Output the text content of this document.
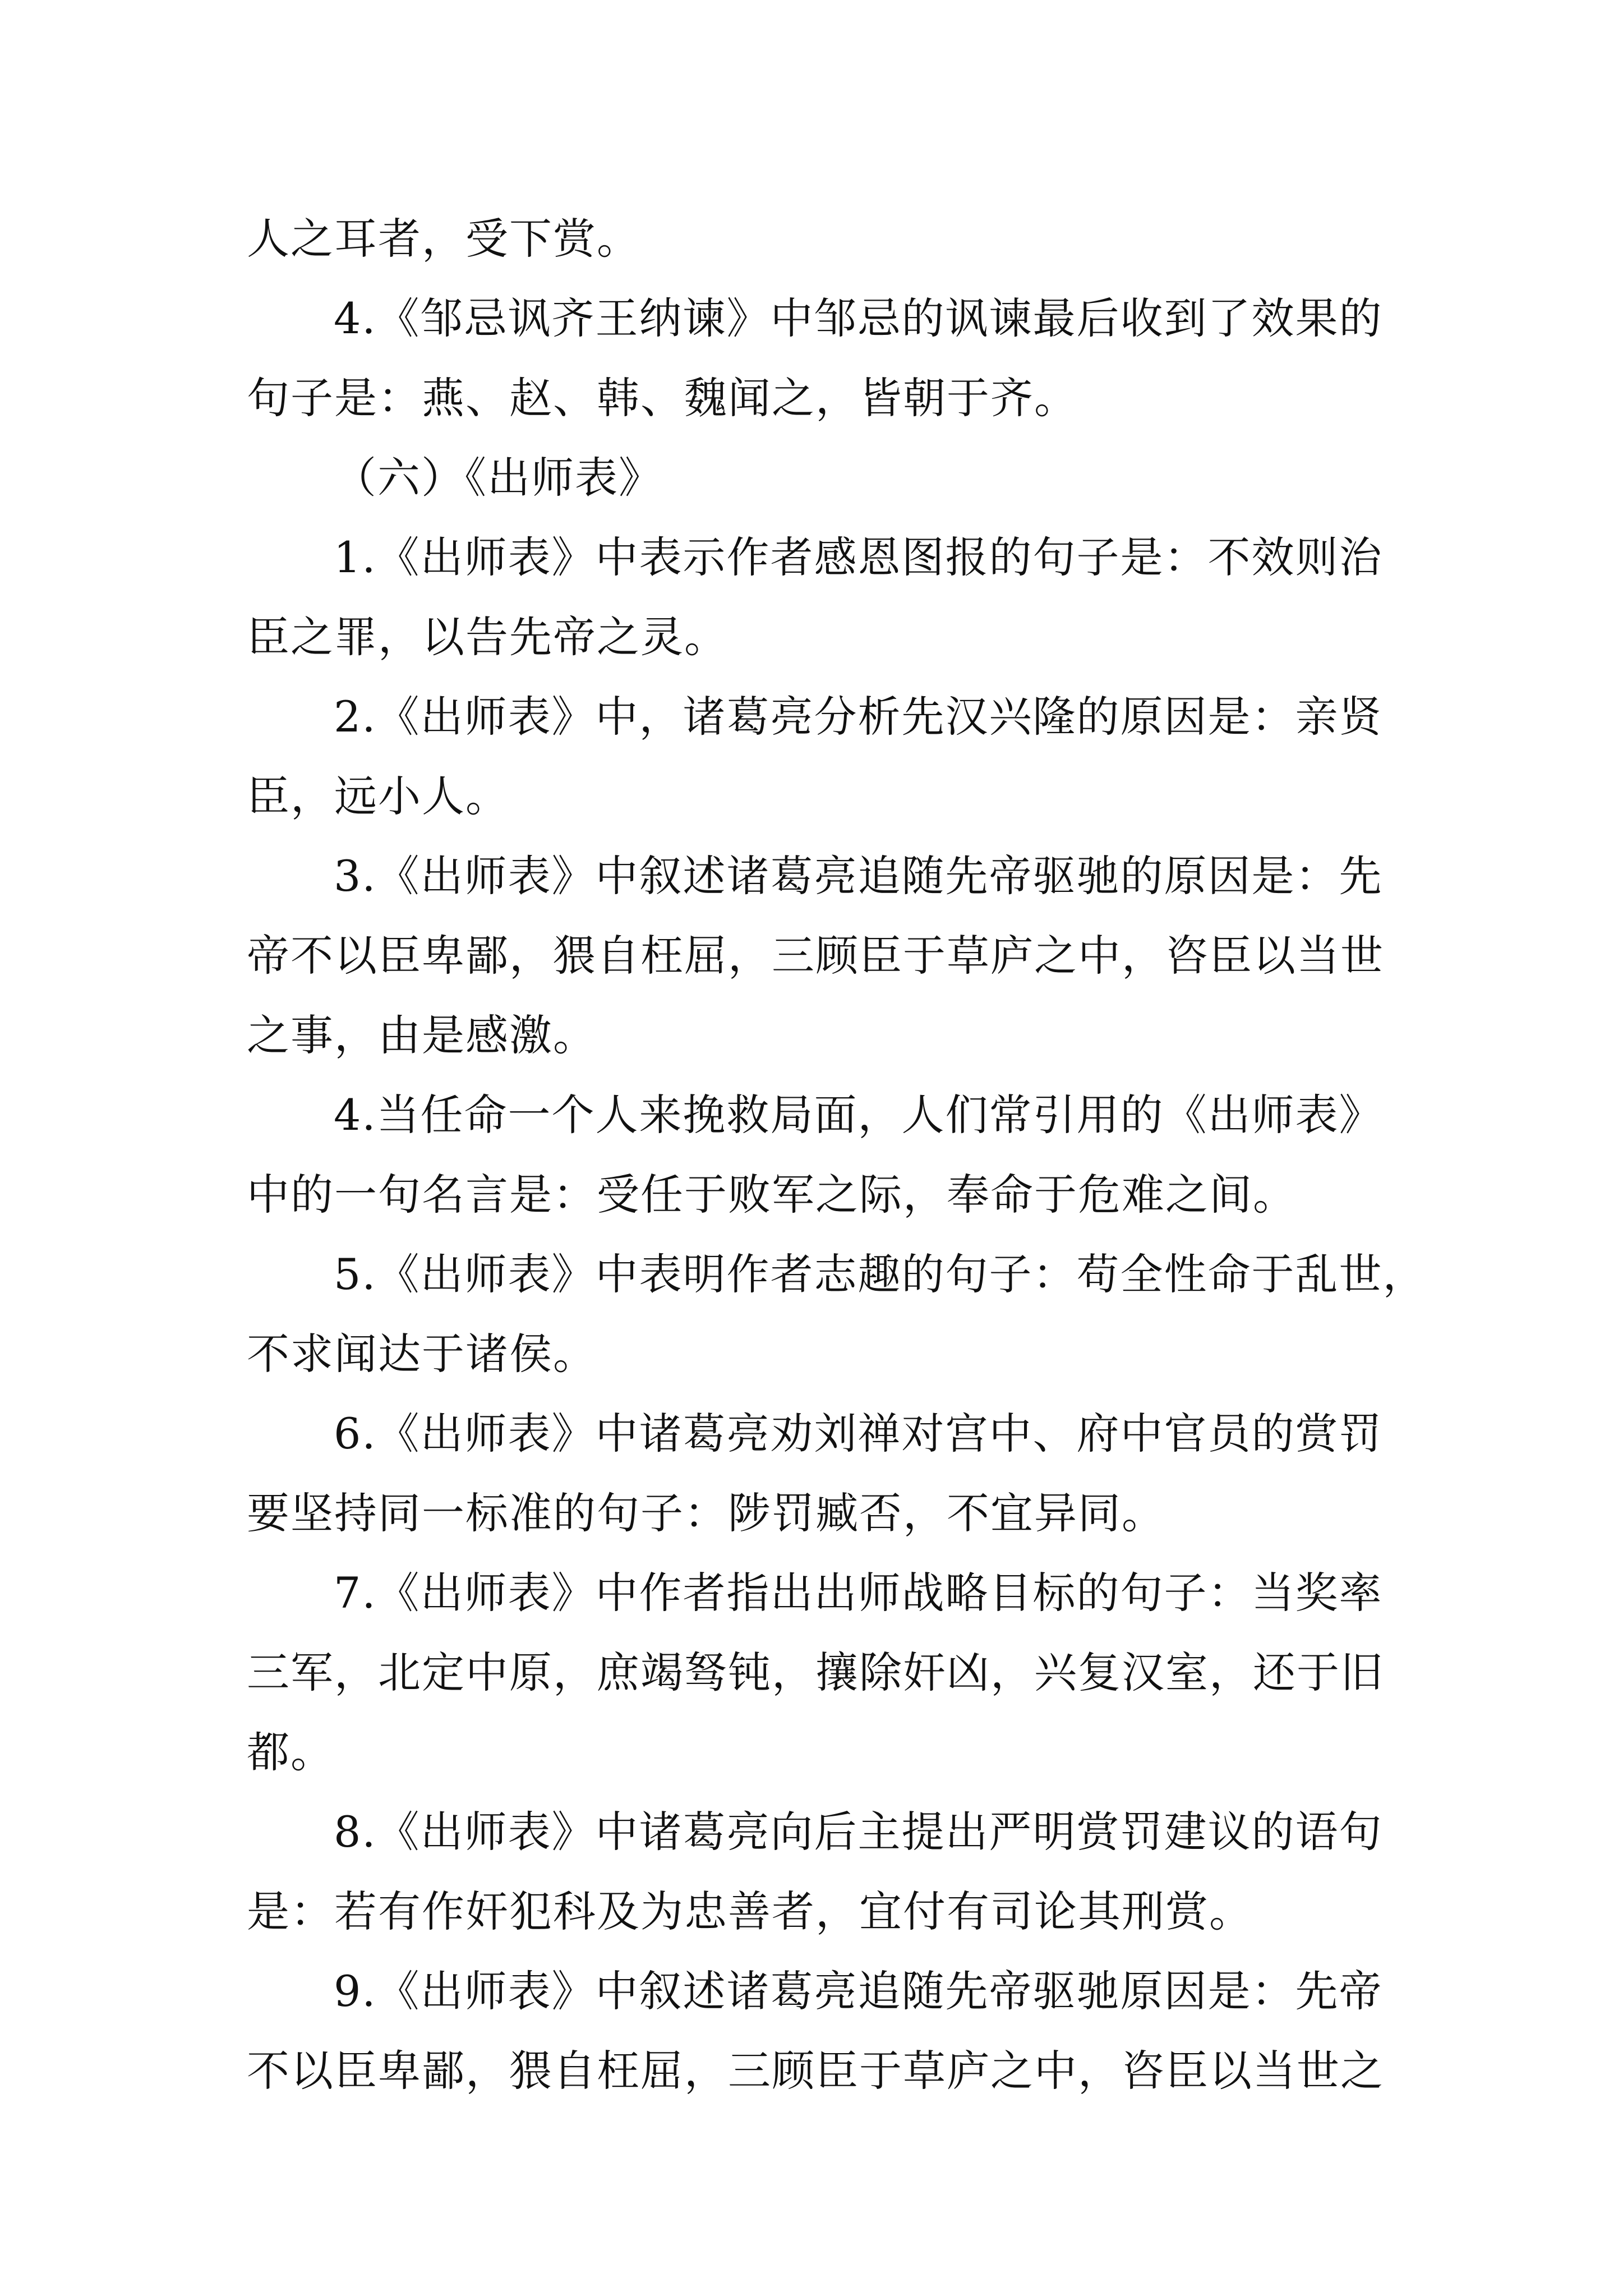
人之耳者，受下赏。
4.《邹忌讽齐王纳谏》中邹忌的讽谏最后收到了效果的
句子是：燕、赵、韩、魏闻之，皆朝于齐。
（六）《出师表》
1.《出师表》中表示作者感恩图报的句子是：不效则治
臣之罪，以告先帝之灵。
2.《出师表》中，诸葛亮分析先汉兴隆的原因是：亲贤
臣，远小人。
3.《出师表》中叙述诸葛亮追随先帝驱驰的原因是：先
帝不以臣卑鄙，猥自枉屈，三顾臣于草庐之中，咨臣以当世
之事，由是感激。
4.当任命一个人来挽救局面，人们常引用的《出师表》
中的一句名言是：受任于败军之际，奉命于危难之间。
5.《出师表》中表明作者志趣的句子：苟全性命于乱世，
不求闻达于诸侯。
6.《出师表》中诸葛亮劝刘禅对宫中、府中官员的赏罚
要坚持同一标准的句子：陟罚臧否，不宜异同。
7.《出师表》中作者指出出师战略目标的句子：当奖率
三军，北定中原，庶竭驽钝，攘除奸凶，兴复汉室，还于旧
都。
8.《出师表》中诸葛亮向后主提出严明赏罚建议的语句
是：若有作奸犯科及为忠善者，宜付有司论其刑赏。
9.《出师表》中叙述诸葛亮追随先帝驱驰原因是：先帝
不以臣卑鄙，猥自枉屈，三顾臣于草庐之中，咨臣以当世之
